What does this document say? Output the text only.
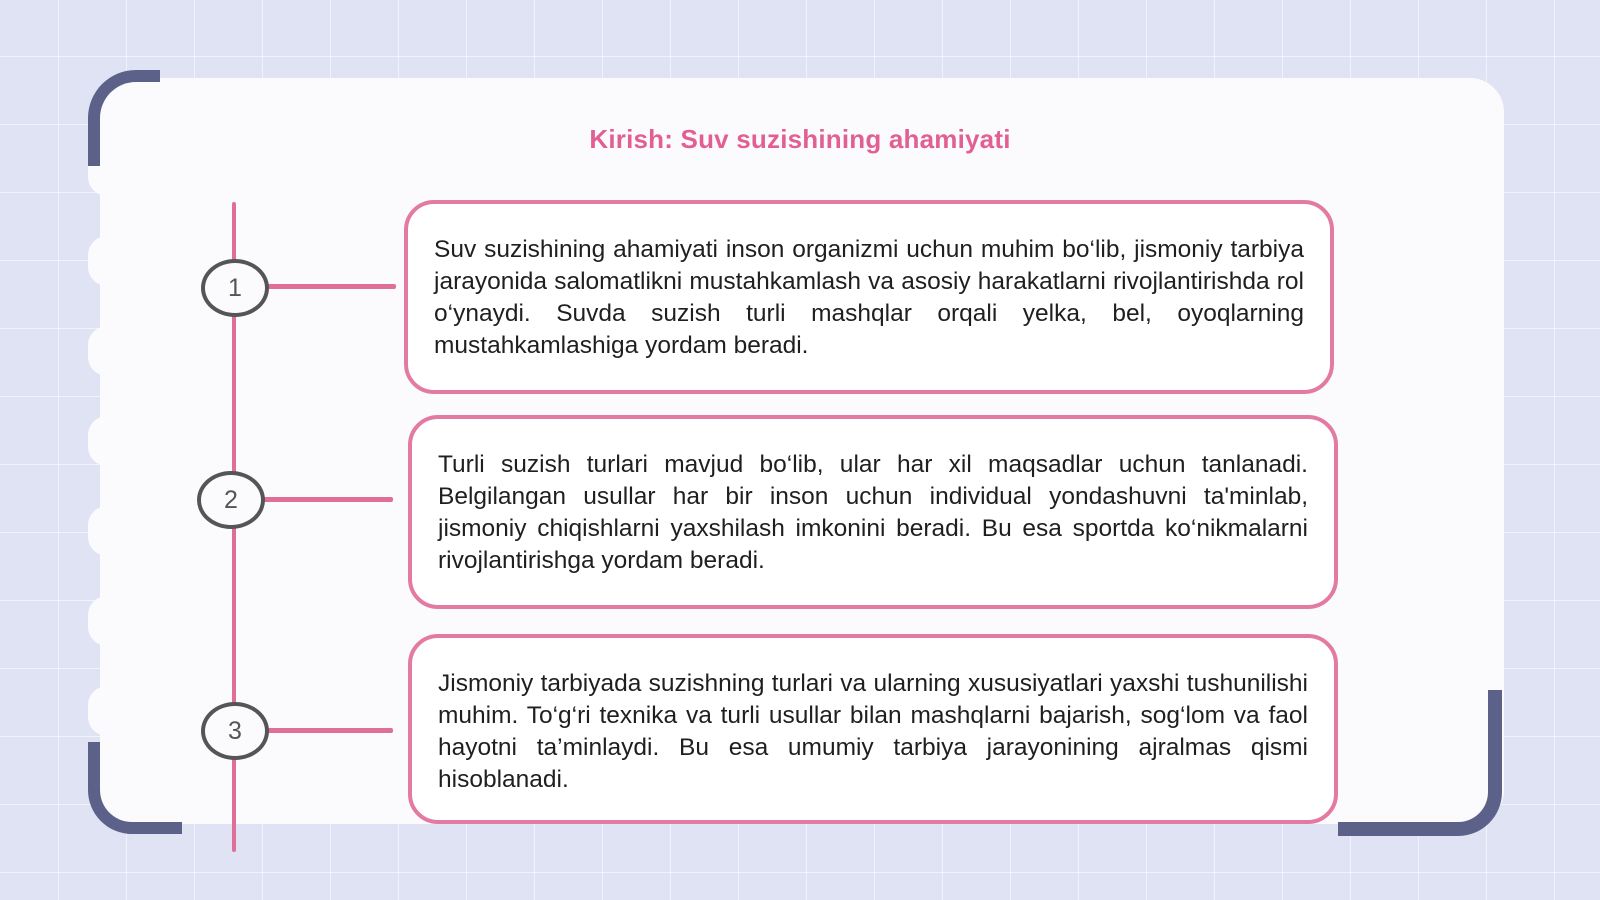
Kirish: Suv suzishining ahamiyati
1
2
3

Suv suzishining ahamiyati inson organizmi uchun muhim bo‘lib, jismoniy tarbiya jarayonida salomatlikni mustahkamlash va asosiy harakatlarni rivojlantirishda rol o‘ynaydi. Suvda suzish turli mashqlar orqali yelka, bel, oyoqlarning mustahkamlashiga yordam beradi.

Turli suzish turlari mavjud bo‘lib, ular har xil maqsadlar uchun tanlanadi. Belgilangan usullar har bir inson uchun individual yondashuvni ta'minlab, jismoniy chiqishlarni yaxshilash imkonini beradi. Bu esa sportda ko‘nikmalarni rivojlantirishga yordam beradi.

Jismoniy tarbiyada suzishning turlari va ularning xususiyatlari yaxshi tushunilishi muhim. To‘g‘ri texnika va turli usullar bilan mashqlarni bajarish, sog‘lom va faol hayotni ta’minlaydi. Bu esa umumiy tarbiya jarayonining ajralmas qismi hisoblanadi.
